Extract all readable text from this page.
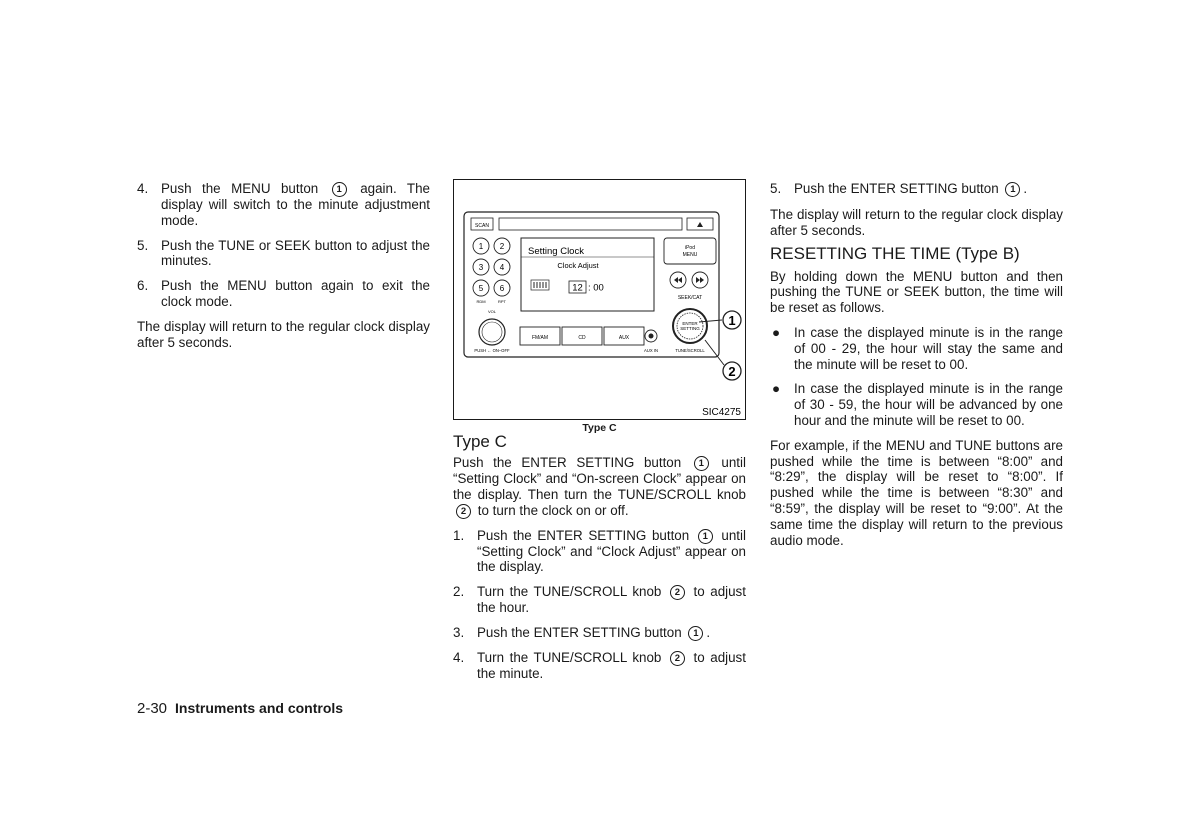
4. Push the MENU button 1 again. The display will switch to the minute adjustment mode.
5. Push the TUNE or SEEK button to adjust the minutes.
6. Push the MENU button again to exit the clock mode.

The display will return to the regular clock display after 5 seconds.

SCAN
1 2
3 4
5 6
RDM	RPT
Setting Clock
Clock Adjust
12 : 00
iPod
MENU
SEEK/CAT
VOL
PUSH ← ON–OFF
FM/AM	CD	AUX
AUX IN
ENTER
SETTING
TUNE/SCROLL
1
2
SIC4275
Type C
Type C

Push the ENTER SETTING button 1 until “Setting Clock” and “On-screen Clock” appear on the display. Then turn the TUNE/SCROLL knob 2 to turn the clock on or off.

1. Push the ENTER SETTING button 1 until “Setting Clock” and “Clock Adjust” appear on the display.
2. Turn the TUNE/SCROLL knob 2 to adjust the hour.
3. Push the ENTER SETTING button 1 .
4. Turn the TUNE/SCROLL knob 2 to adjust the minute.
5. Push the ENTER SETTING button 1 .

The display will return to the regular clock display after 5 seconds.

RESETTING THE TIME (Type B)

By holding down the MENU button and then pushing the TUNE or SEEK button, the time will be reset as follows.

● In case the displayed minute is in the range of 00 - 29, the hour will stay the same and the minute will be reset to 00.
● In case the displayed minute is in the range of 30 - 59, the hour will be advanced by one hour and the minute will be reset to 00.

For example, if the MENU and TUNE buttons are pushed while the time is between “8:00” and “8:29”, the display will be reset to “8:00”. If pushed while the time is between “8:30” and “8:59”, the display will be reset to “9:00”. At the same time the display will return to the previous audio mode.

2-30 Instruments and controls
